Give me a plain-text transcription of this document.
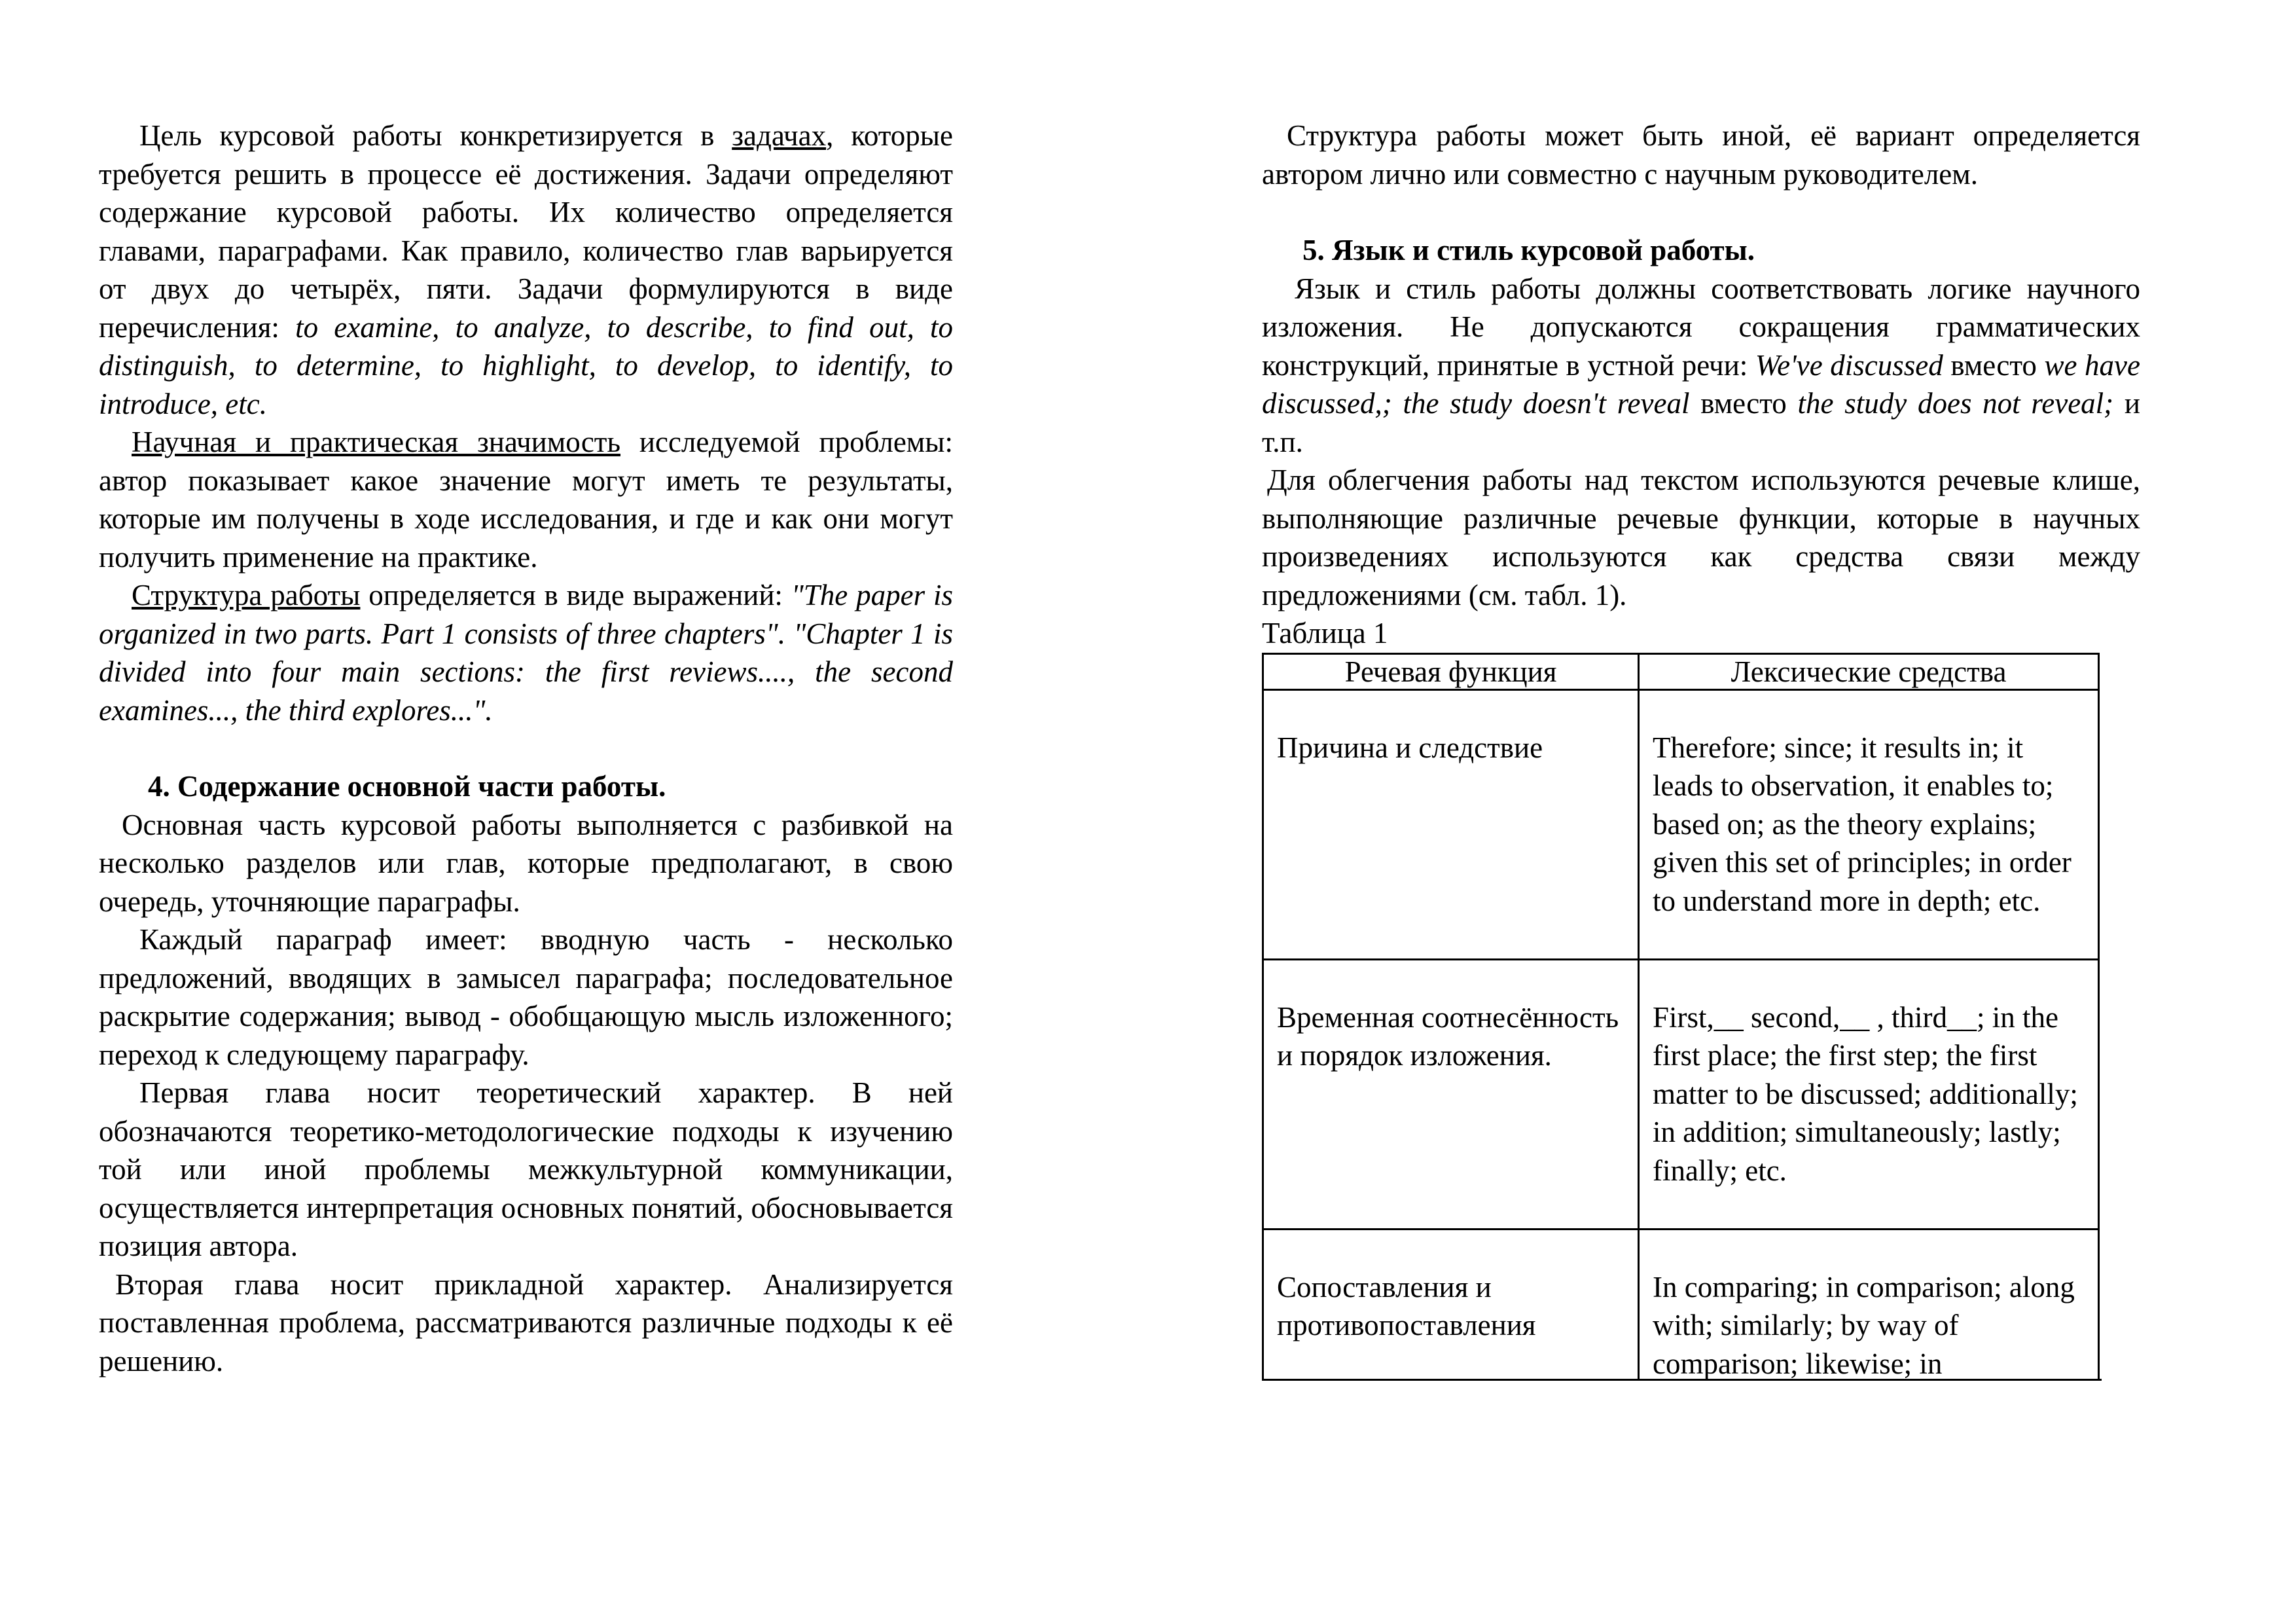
Цель курсовой работы конкретизируется в задачах, которые требуется решить в процессе её достижения. Задачи определяют содержание курсовой работы. Их количество определяется главами, параграфами. Как правило, количество глав варьируется от двух до четырёх, пяти. Задачи формулируются в виде перечисления: to examine, to analyze, to describe, to find out, to distinguish, to determine, to highlight, to develop, to identify, to introduce, etc.

Научная и практическая значимость исследуемой проблемы: автор показывает какое значение могут иметь те результаты, которые им получены в ходе исследования, и где и как они могут получить применение на практике.

Структура работы определяется в виде выражений: "The paper is organized in two parts. Part 1 consists of three chapters". "Chapter 1 is divided into four main sections: the first reviews...., the second examines..., the third explores...".

4. Содержание основной части работы.

Основная часть курсовой работы выполняется с разбивкой на несколько разделов или глав, которые предполагают, в свою очередь, уточняющие параграфы.

Каждый параграф имеет: вводную часть - несколько предложений, вводящих в замысел параграфа; последовательное раскрытие содержания; вывод - обобщающую мысль изложенного; переход к следующему параграфу.

Первая глава носит теоретический характер. В ней обозначаются теоретико-методологические подходы к изучению той или иной проблемы межкультурной коммуникации, осуществляется интерпретация основных понятий, обосновывается позиция автора.

Вторая глава носит прикладной характер. Анализируется поставленная проблема, рассматриваются различные подходы к её решению.

Структура работы может быть иной, её вариант определяется автором лично или совместно с научным руководителем.

5. Язык и стиль курсовой работы.

Язык и стиль работы должны соответствовать логике научного изложения. Не допускаются сокращения грамматических конструкций, принятые в устной речи: We've discussed вместо we have discussed,; the study doesn't reveal вместо the study does not reveal; и т.п.

Для облегчения работы над текстом используются речевые клише, выполняющие различные речевые функции, которые в научных произведениях используются как средства связи между предложениями (см. табл. 1).

Таблица 1

Речевая функция	Лексические средства
Причина и следствие	Therefore; since; it results in; it leads to observation, it enables to; based on; as the theory explains; given this set of principles; in order to understand more in depth; etc.
Временная соотнесённость и порядок изложения.	First,__ second,__ , third__; in the first place; the first step; the first matter to be discussed; additionally; in addition; simultaneously; lastly; finally; etc.
Сопоставления и противопоставления	In comparing; in comparison; along with; similarly; by way of comparison; likewise; in
